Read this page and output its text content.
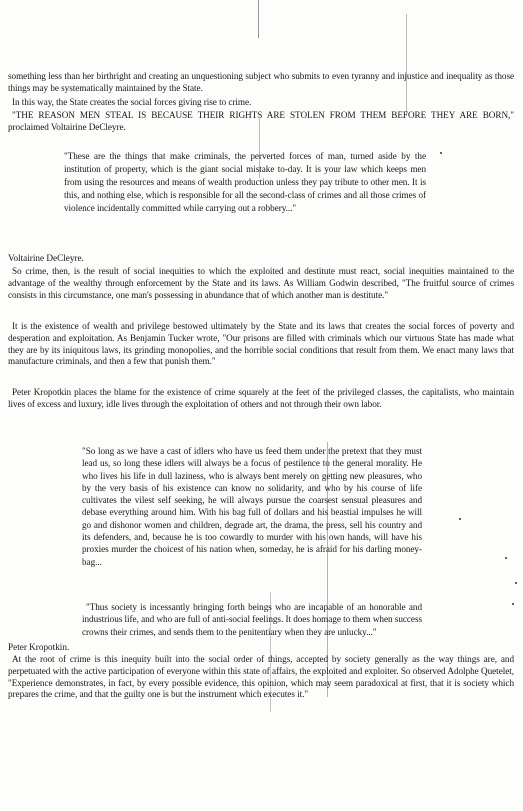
something less than her birthright and creating an unquestioning subject who submits to even tyranny and injustice and inequality as those things may be systematically maintained by the State.

In this way, the State creates the social forces giving rise to crime.

"THE REASON MEN STEAL IS BECAUSE THEIR RIGHTS ARE STOLEN FROM THEM BEFORE THEY ARE BORN," proclaimed Voltairine DeCleyre.

"These are the things that make criminals, the perverted forces of man, turned aside by the institution of property, which is the giant social mistake to-day. It is your law which keeps men from using the resources and means of wealth production unless they pay tribute to other men. It is this, and nothing else, which is responsible for all the second-class of crimes and all those crimes of violence incidentally committed while carrying out a robbery..."

Voltairine DeCleyre.

So crime, then, is the result of social inequities to which the exploited and destitute must react, social inequities maintained to the advantage of the wealthy through enforcement by the State and its laws. As William Godwin described, "The fruitful source of crimes consists in this circumstance, one man's possessing in abundance that of which another man is destitute."

It is the existence of wealth and privilege bestowed ultimately by the State and its laws that creates the social forces of poverty and desperation and exploitation. As Benjamin Tucker wrote, "Our prisons are filled with criminals which our virtuous State has made what they are by its iniquitous laws, its grinding monopolies, and the horrible social conditions that result from them. We enact many laws that manufacture criminals, and then a few that punish them."

Peter Kropotkin places the blame for the existence of crime squarely at the feet of the privileged classes, the capitalists, who maintain lives of excess and luxury, idle lives through the exploitation of others and not through their own labor.

"So long as we have a cast of idlers who have us feed them under the pretext that they must lead us, so long these idlers will always be a focus of pestilence to the general morality. He who lives his life in dull laziness, who is always bent merely on getting new pleasures, who by the very basis of his existence can know no solidarity, and who by his course of life cultivates the vilest self seeking, he will always pursue the coarsest sensual pleasures and debase everything around him. With his bag full of dollars and his beastial impulses he will go and dishonor women and children, degrade art, the drama, the press, sell his country and its defenders, and, because he is too cowardly to murder with his own hands, will have his proxies murder the choicest of his nation when, someday, he is afraid for his darling money-bag...

"Thus society is incessantly bringing forth beings who are incapable of an honorable and industrious life, and who are full of anti-social feelings. It does homage to them when success crowns their crimes, and sends them to the penitentiary when they are unlucky..."

Peter Kropotkin.

At the root of crime is this inequity built into the social order of things, accepted by society generally as the way things are, and perpetuated with the active participation of everyone within this state of affairs, the exploited and exploiter. So observed Adolphe Quetelet, "Experience demonstrates, in fact, by every possible evidence, this opinion, which may seem paradoxical at first, that it is society which prepares the crime, and that the guilty one is but the instrument which executes it."
